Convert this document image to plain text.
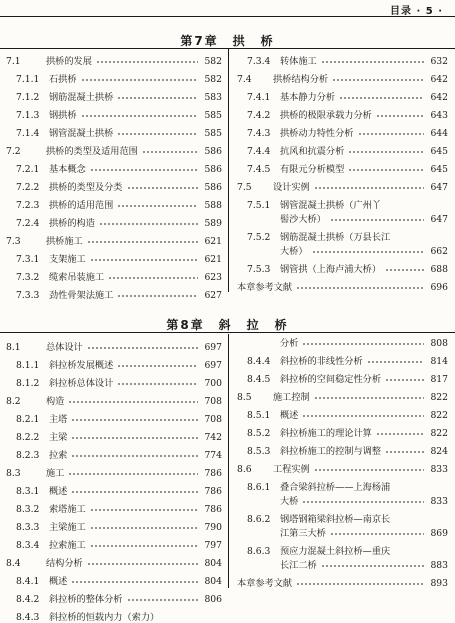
目录 · 5 ·
第7章　拱　桥
7.1	拱桥的发展	582
7.1.1	石拱桥	582
7.1.2	钢筋混凝土拱桥	583
7.1.3	钢拱桥	585
7.1.4	钢管混凝土拱桥	585
7.2	拱桥的类型及适用范围	586
7.2.1	基本概念	586
7.2.2	拱桥的类型及分类	586
7.2.3	拱桥的适用范围	588
7.2.4	拱桥的构造	589
7.3	拱桥施工	621
7.3.1	支架施工	621
7.3.2	缆索吊装施工	623
7.3.3	劲性骨架法施工	627
7.3.4	转体施工	632
7.4	拱桥结构分析	642
7.4.1	基本静力分析	642
7.4.2	拱桥的极限承载力分析	643
7.4.3	拱桥动力特性分析	644
7.4.4	抗风和抗震分析	645
7.4.5	有限元分析模型	645
7.5	设计实例	647
7.5.1	钢管混凝土拱桥（广州丫
髻沙大桥）	647
7.5.2	钢筋混凝土拱桥（万县长江
大桥）	662
7.5.3	钢管拱（上海卢浦大桥）	688
本章参考文献	696
第8章　斜　拉　桥
8.1	总体设计	697
8.1.1	斜拉桥发展概述	697
8.1.2	斜拉桥总体设计	700
8.2	构造	708
8.2.1	主塔	708
8.2.2	主梁	742
8.2.3	拉索	774
8.3	施工	786
8.3.1	概述	786
8.3.2	索塔施工	786
8.3.3	主梁施工	790
8.3.4	拉索施工	797
8.4	结构分析	804
8.4.1	概述	804
8.4.2	斜拉桥的整体分析	806
8.4.3	斜拉桥的恒载内力（索力）
分析	808
8.4.4	斜拉桥的非线性分析	814
8.4.5	斜拉桥的空间稳定性分析	817
8.5	施工控制	822
8.5.1	概述	822
8.5.2	斜拉桥施工的理论计算	822
8.5.3	斜拉桥施工的控制与调整	824
8.6	工程实例	833
8.6.1	叠合梁斜拉桥——上海杨浦
大桥	833
8.6.2	钢塔钢箱梁斜拉桥—南京长
江第三大桥	869
8.6.3	预应力混凝土斜拉桥—重庆
长江二桥	883
本章参考文献	893
